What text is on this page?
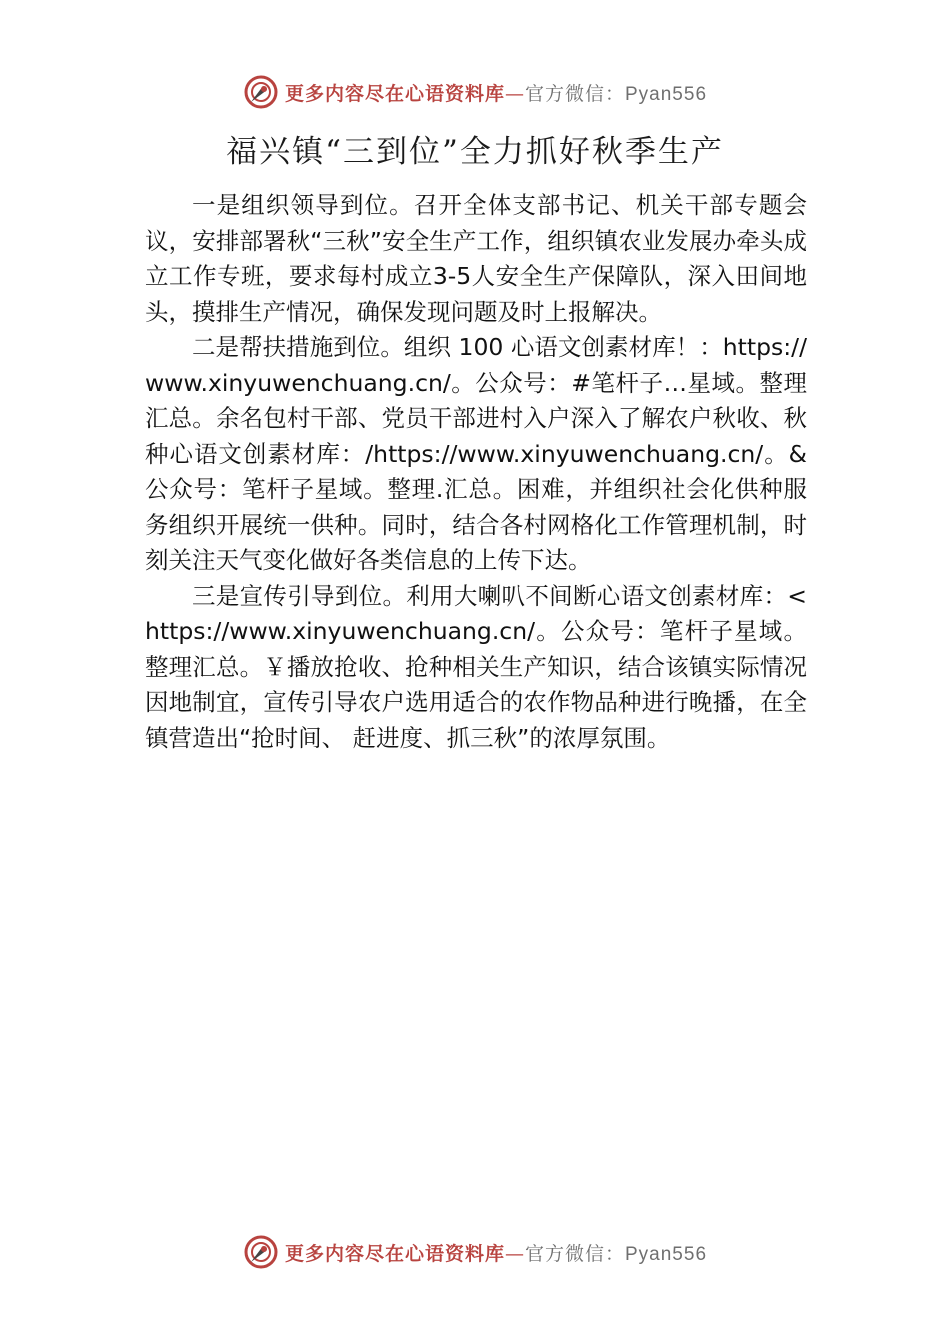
更多内容尽在心语资料库—官方微信：Pyan556
福兴镇“三到位”全力抓好秋季生产

一是组织领导到位。召开全体支部书记、机关干部专题会议，安排部署秋“三秋”安全生产工作，组织镇农业发展办牵头成立工作专班，要求每村成立3-5人安全生产保障队，深入田间地头，摸排生产情况，确保发现问题及时上报解决。

二是帮扶措施到位。组织 100 心语文创素材库！：https://www.xinyuwenchuang.cn/。公众号：#笔杆子…星域。整理汇总。余名包村干部、党员干部进村入户深入了解农户秋收、秋种心语文创素材库：/https://www.xinyuwenchuang.cn/。&公众号：笔杆子星域。整理.汇总。困难，并组织社会化供种服务组织开展统一供种。同时，结合各村网格化工作管理机制，时刻关注天气变化做好各类信息的上传下达。

三是宣传引导到位。利用大喇叭不间断心语文创素材库：<https://www.xinyuwenchuang.cn/。公众号：笔杆子星域。整理汇总。￥播放抢收、抢种相关生产知识，结合该镇实际情况因地制宜，宣传引导农户选用适合的农作物品种进行晚播，在全镇营造出“抢时间、 赶进度、抓三秋”的浓厚氛围。

更多内容尽在心语资料库—官方微信：Pyan556
